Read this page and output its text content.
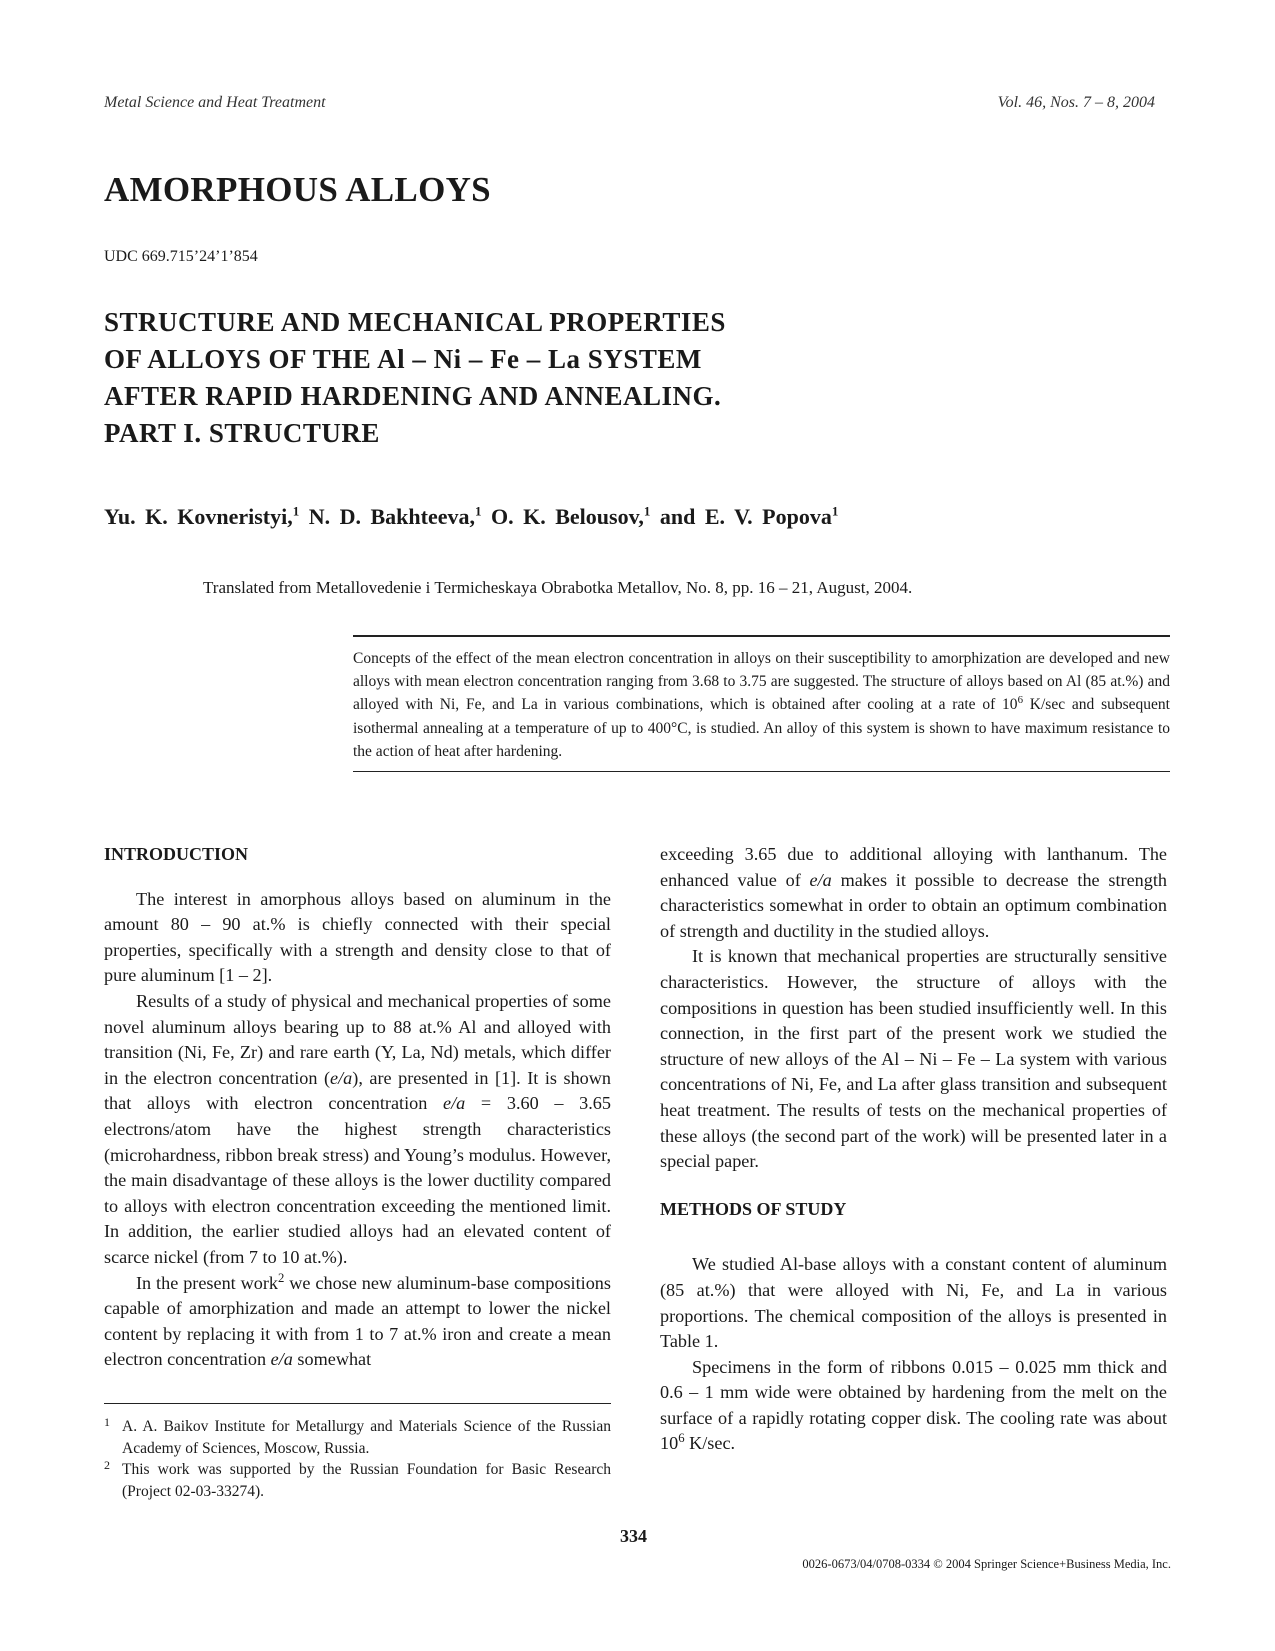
Metal Science and Heat Treatment	Vol. 46, Nos. 7 – 8, 2004
AMORPHOUS ALLOYS
UDC 669.715’24’1’854
STRUCTURE AND MECHANICAL PROPERTIES
OF ALLOYS OF THE Al – Ni – Fe – La SYSTEM
AFTER RAPID HARDENING AND ANNEALING.
PART I. STRUCTURE
Yu. K. Kovneristyi,$^1$ N. D. Bakhteeva,$^1$ O. K. Belousov,$^1$ and E. V. Popova$^1$
Translated from Metallovedenie i Termicheskaya Obrabotka Metallov, No. 8, pp. 16 – 21, August, 2004.
Concepts of the effect of the mean electron concentration in alloys on their susceptibility to amorphization are developed and new alloys with mean electron concentration ranging from 3.68 to 3.75 are suggested. The structure of alloys based on Al (85 at.%) and alloyed with Ni, Fe, and La in various combinations, which is obtained after cooling at a rate of $10^6$ K/sec and subsequent isothermal annealing at a temperature of up to 400°C, is studied. An alloy of this system is shown to have maximum resistance to the action of heat after hardening.
INTRODUCTION

The interest in amorphous alloys based on aluminum in the amount 80 – 90 at.% is chiefly connected with their special properties, specifically with a strength and density close to that of pure aluminum [1 – 2].

Results of a study of physical and mechanical properties of some novel aluminum alloys bearing up to 88 at.% Al and alloyed with transition (Ni, Fe, Zr) and rare earth (Y, La, Nd) metals, which differ in the electron concentration (e/a), are presented in [1]. It is shown that alloys with electron concentration e/a = 3.60 – 3.65 electrons/atom have the highest strength characteristics (microhardness, ribbon break stress) and Young’s modulus. However, the main disadvantage of these alloys is the lower ductility compared to alloys with electron concentration exceeding the mentioned limit. In addition, the earlier studied alloys had an elevated content of scarce nickel (from 7 to 10 at.%).

In the present work$^2$ we chose new aluminum-base compositions capable of amorphization and made an attempt to lower the nickel content by replacing it with from 1 to 7 at.% iron and create a mean electron concentration e/a somewhat

1 A. A. Baikov Institute for Metallurgy and Materials Science of the Russian Academy of Sciences, Moscow, Russia.
2 This work was supported by the Russian Foundation for Basic Research (Project 02-03-33274).

exceeding 3.65 due to additional alloying with lanthanum. The enhanced value of e/a makes it possible to decrease the strength characteristics somewhat in order to obtain an optimum combination of strength and ductility in the studied alloys.

It is known that mechanical properties are structurally sensitive characteristics. However, the structure of alloys with the compositions in question has been studied insufficiently well. In this connection, in the first part of the present work we studied the structure of new alloys of the Al – Ni – Fe – La system with various concentrations of Ni, Fe, and La after glass transition and subsequent heat treatment. The results of tests on the mechanical properties of these alloys (the second part of the work) will be presented later in a special paper.

METHODS OF STUDY

We studied Al-base alloys with a constant content of aluminum (85 at.%) that were alloyed with Ni, Fe, and La in various proportions. The chemical composition of the alloys is presented in Table 1.

Specimens in the form of ribbons 0.015 – 0.025 mm thick and 0.6 – 1 mm wide were obtained by hardening from the melt on the surface of a rapidly rotating copper disk. The cooling rate was about $10^6$ K/sec.

334
0026-0673/04/0708-0334 © 2004 Springer Science+Business Media, Inc.
